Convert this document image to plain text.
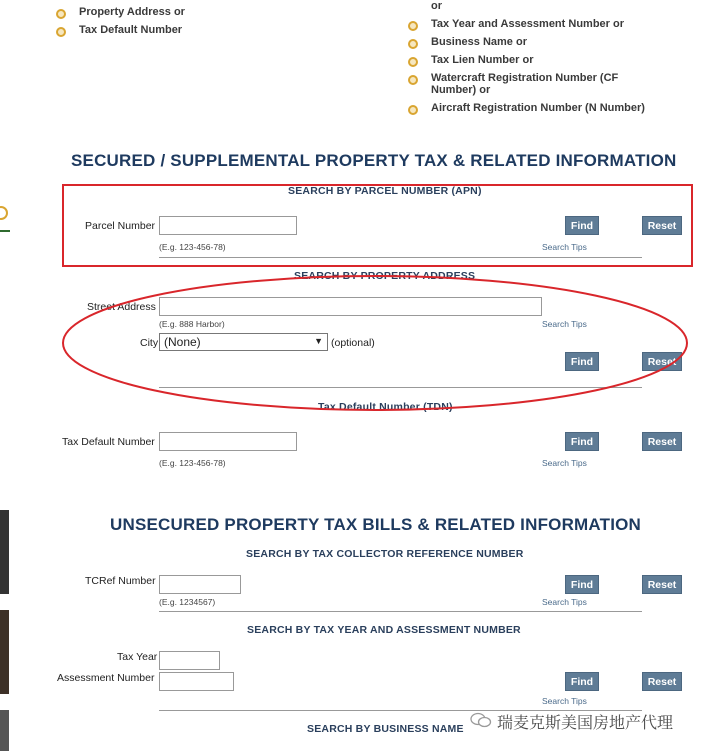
Property Address or
Tax Default Number
or
Tax Year and Assessment Number or
Business Name or
Tax Lien Number or
Watercraft Registration Number (CF
Number) or
Aircraft Registration Number (N Number)
SECURED / SUPPLEMENTAL PROPERTY TAX & RELATED INFORMATION
SEARCH BY PARCEL NUMBER (APN)
Parcel Number
(E.g. 123-456-78)	Search Tips
Find	Reset
SEARCH BY PROPERTY ADDRESS
Street Address
(E.g. 888 Harbor)	Search Tips
City (None)	▼ (optional)
Find	Reset
Tax Default Number (TDN)
Tax Default Number
(E.g. 123-456-78)	Search Tips
Find	Reset
UNSECURED PROPERTY TAX BILLS & RELATED INFORMATION
SEARCH BY TAX COLLECTOR REFERENCE NUMBER
TCRef Number
(E.g. 1234567)	Search Tips
Find	Reset
SEARCH BY TAX YEAR AND ASSESSMENT NUMBER
Tax Year
Assessment Number	Find	Reset
Search Tips
SEARCH BY BUSINESS NAME 瑞麦克斯美国房地产代理
